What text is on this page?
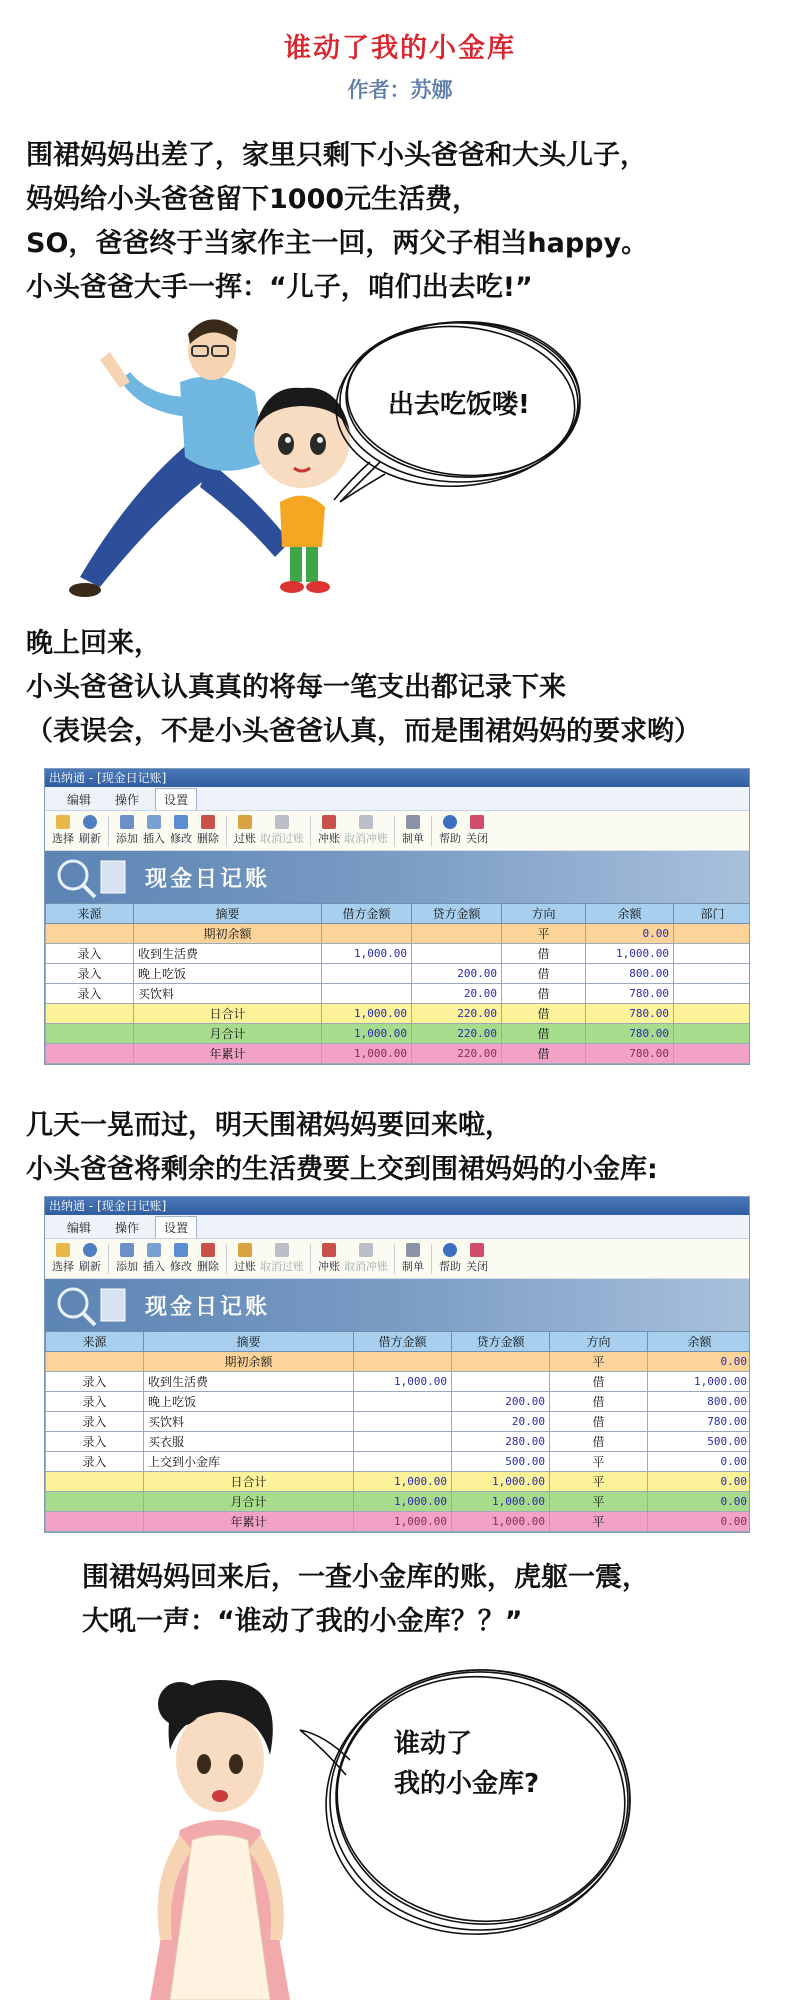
谁动了我的小金库
作者：苏娜
围裙妈妈出差了，家里只剩下小头爸爸和大头儿子，
妈妈给小头爸爸留下1000元生活费，
SO，爸爸终于当家作主一回，两父子相当happy。
小头爸爸大手一挥：“儿子，咱们出去吃!”
出去吃饭喽!
晚上回来，
小头爸爸认认真真的将每一笔支出都记录下来
（表误会，不是小头爸爸认真，而是围裙妈妈的要求哟）
出纳通 - [现金日记账]
编辑	操作	设置
选择 刷新 添加 插入 修改 删除 过账 取消过账 冲账 取消冲账 制单 帮助 关闭
现金日记账
来源	摘要	借方金额	贷方金额	方向	余额	部门
	期初余额			平	0.00	
录入	收到生活费	1,000.00		借	1,000.00	
录入	晚上吃饭		200.00	借	800.00	
录入	买饮料		20.00	借	780.00	
	日合计	1,000.00	220.00	借	780.00	
	月合计	1,000.00	220.00	借	780.00	
	年累计	1,000.00	220.00	借	780.00	
几天一晃而过，明天围裙妈妈要回来啦，
小头爸爸将剩余的生活费要上交到围裙妈妈的小金库:
出纳通 - [现金日记账]
编辑	操作	设置
选择 刷新 添加 插入 修改 删除 过账 取消过账 冲账 取消冲账 制单 帮助 关闭
现金日记账
来源	摘要	借方金额	贷方金额	方向	余额
	期初余额			平	0.00
录入	收到生活费	1,000.00		借	1,000.00
录入	晚上吃饭		200.00	借	800.00
录入	买饮料		20.00	借	780.00
录入	买衣服		280.00	借	500.00
录入	上交到小金库		500.00	平	0.00
	日合计	1,000.00	1,000.00	平	0.00
	月合计	1,000.00	1,000.00	平	0.00
	年累计	1,000.00	1,000.00	平	0.00
围裙妈妈回来后，一查小金库的账，虎躯一震，
大吼一声：“谁动了我的小金库？？”
谁动了
我的小金库?
